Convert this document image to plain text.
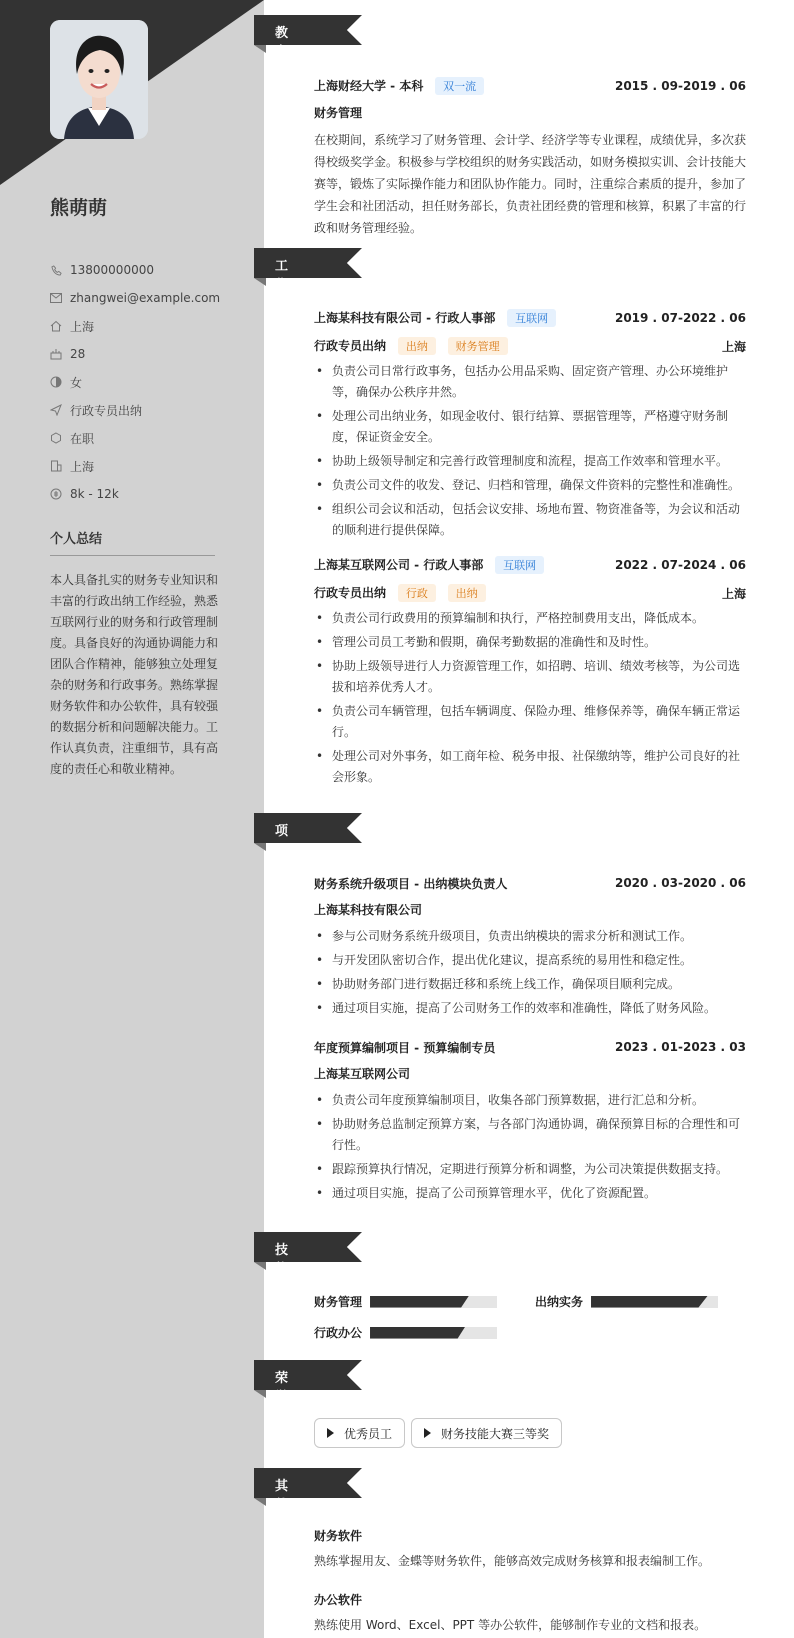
熊萌萌
13800000000
zhangwei@example.com
上海
28
女
行政专员出纳
在职
上海
8k - 12k
个人总结
本人具备扎实的财务专业知识和丰富的行政出纳工作经验，熟悉互联网行业的财务和行政管理制度。具备良好的沟通协调能力和团队合作精神，能够独立处理复杂的财务和行政事务。熟练掌握财务软件和办公软件，具有较强的数据分析和问题解决能力。工作认真负责，注重细节，具有高度的责任心和敬业精神。
教育经历
工作经历
项目经历
技能专长
荣誉奖项
其他信息
上海财经大学 - 本科 双一流	2015 . 09-2019 . 06
财务管理
在校期间，系统学习了财务管理、会计学、经济学等专业课程，成绩优异，多次获得校级奖学金。积极参与学校组织的财务实践活动，如财务模拟实训、会计技能大赛等，锻炼了实际操作能力和团队协作能力。同时，注重综合素质的提升，参加了学生会和社团活动，担任财务部长，负责社团经费的管理和核算，积累了丰富的行政和财务管理经验。
上海某科技有限公司 - 行政人事部 互联网	2019 . 07-2022 . 06
行政专员出纳 出纳	财务管理	上海
• 负责公司日常行政事务，包括办公用品采购、固定资产管理、办公环境维护等，确保办公秩序井然。
• 处理公司出纳业务，如现金收付、银行结算、票据管理等，严格遵守财务制度，保证资金安全。
• 协助上级领导制定和完善行政管理制度和流程，提高工作效率和管理水平。
• 负责公司文件的收发、登记、归档和管理，确保文件资料的完整性和准确性。
• 组织公司会议和活动，包括会议安排、场地布置、物资准备等，为会议和活动的顺利进行提供保障。
上海某互联网公司 - 行政人事部 互联网	2022 . 07-2024 . 06
行政专员出纳 行政	出纳	上海
• 负责公司行政费用的预算编制和执行，严格控制费用支出，降低成本。
• 管理公司员工考勤和假期，确保考勤数据的准确性和及时性。
• 协助上级领导进行人力资源管理工作，如招聘、培训、绩效考核等，为公司选拔和培养优秀人才。
• 负责公司车辆管理，包括车辆调度、保险办理、维修保养等，确保车辆正常运行。
• 处理公司对外事务，如工商年检、税务申报、社保缴纳等，维护公司良好的社会形象。
财务系统升级项目 - 出纳模块负责人	2020 . 03-2020 . 06
上海某科技有限公司
• 参与公司财务系统升级项目，负责出纳模块的需求分析和测试工作。
• 与开发团队密切合作，提出优化建议，提高系统的易用性和稳定性。
• 协助财务部门进行数据迁移和系统上线工作，确保项目顺利完成。
• 通过项目实施，提高了公司财务工作的效率和准确性，降低了财务风险。
年度预算编制项目 - 预算编制专员	2023 . 01-2023 . 03
上海某互联网公司
• 负责公司年度预算编制项目，收集各部门预算数据，进行汇总和分析。
• 协助财务总监制定预算方案，与各部门沟通协调，确保预算目标的合理性和可行性。
• 跟踪预算执行情况，定期进行预算分析和调整，为公司决策提供数据支持。
• 通过项目实施，提高了公司预算管理水平，优化了资源配置。
财务管理	出纳实务
行政办公
优秀员工	财务技能大赛三等奖
财务软件
熟练掌握用友、金蝶等财务软件，能够高效完成财务核算和报表编制工作。
办公软件
熟练使用 Word、Excel、PPT 等办公软件，能够制作专业的文档和报表。
